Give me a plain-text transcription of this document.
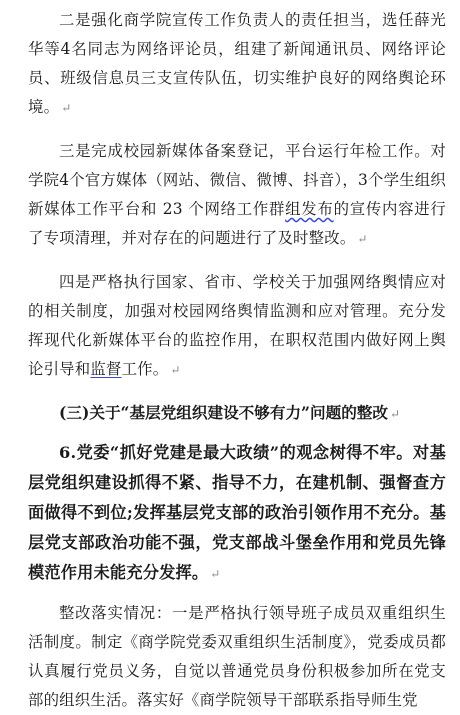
二是强化商学院宣传工作负责人的责任担当，选任薛光华等4名同志为网络评论员，组建了新闻通讯员、网络评论员、班级信息员三支宣传队伍，切实维护良好的网络舆论环境。 ↵

三是完成校园新媒体备案登记，平台运行年检工作。对学院4个官方媒体（网站、微信、微博、抖音），3个学生组织新媒体工作平台和 23 个网络工作群组发布的宣传内容进行了专项清理，并对存在的问题进行了及时整改。 ↵

四是严格执行国家、省市、学校关于加强网络舆情应对的相关制度，加强对校园网络舆情监测和应对管理。充分发挥现代化新媒体平台的监控作用，在职权范围内做好网上舆论引导和监督工作。 ↵

(三)关于“基层党组织建设不够有力”问题的整改 ↵

6.党委“抓好党建是最大政绩”的观念树得不牢。对基层党组织建设抓得不紧、指导不力，在建机制、强督查方面做得不到位;发挥基层党支部的政治引领作用不充分。基层党支部政治功能不强，党支部战斗堡垒作用和党员先锋模范作用未能充分发挥。 ↵

整改落实情况：一是严格执行领导班子成员双重组织生活制度。制定《商学院党委双重组织生活制度》，党委成员都认真履行党员义务，自觉以普通党员身份积极参加所在党支部的组织生活。落实好《商学院领导干部联系指导师生党
